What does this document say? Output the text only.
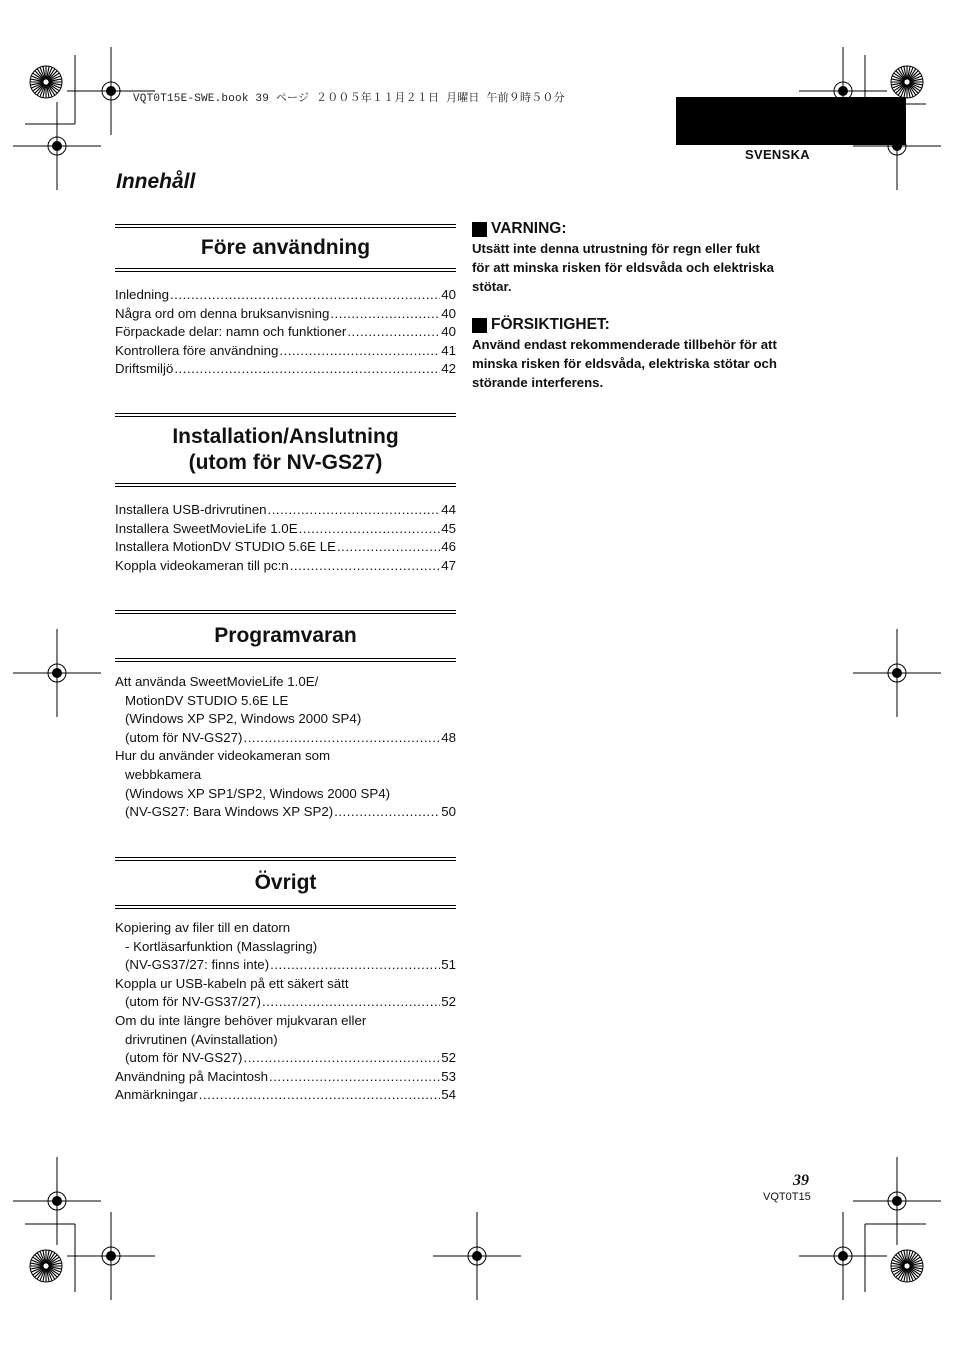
VQT0T15E-SWE.book 39 ページ ２００５年１１月２１日 月曜日 午前９時５０分
SVENSKA
Innehåll
Före användning
Inledning .....	40
Några ord om denna bruksanvisning .....	40
Förpackade delar: namn och funktioner .....	40
Kontrollera före användning .....	41
Driftsmiljö .....	42
Installation/Anslutning
(utom för NV-GS27)
Installera USB-drivrutinen .....	44
Installera SweetMovieLife 1.0E .....	45
Installera MotionDV STUDIO 5.6E LE .....	46
Koppla videokameran till pc:n .....	47
Programvaran
Att använda SweetMovieLife 1.0E/
MotionDV STUDIO 5.6E LE
(Windows XP SP2, Windows 2000 SP4)
(utom för NV-GS27) .....	48
Hur du använder videokameran som
webbkamera
(Windows XP SP1/SP2, Windows 2000 SP4)
(NV-GS27: Bara Windows XP SP2) .....	50
Övrigt
Kopiering av filer till en datorn
- Kortläsarfunktion (Masslagring)
(NV-GS37/27: finns inte) .....	51
Koppla ur USB-kabeln på ett säkert sätt
(utom för NV-GS37/27) .....	52
Om du inte längre behöver mjukvaran eller
drivrutinen (Avinstallation)
(utom för NV-GS27) .....	52
Användning på Macintosh .....	53
Anmärkningar .....	54
VARNING:
Utsätt inte denna utrustning för regn eller fukt
för att minska risken för eldsvåda och elektriska
stötar.
FÖRSIKTIGHET:
Använd endast rekommenderade tillbehör för att
minska risken för eldsvåda, elektriska stötar och
störande interferens.
39
VQT0T15
